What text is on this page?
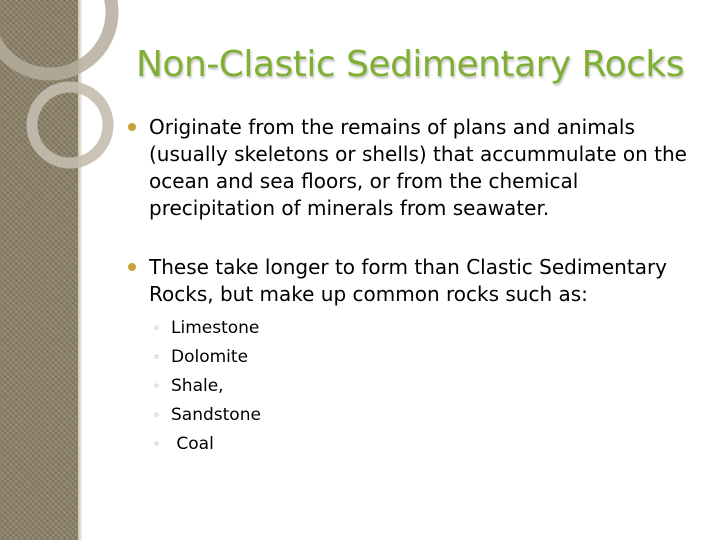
Non-Clastic Sedimentary Rocks

Originate from the remains of plans and animals (usually skeletons or shells) that accummulate on the ocean and sea floors, or from the chemical precipitation of minerals from seawater.

These take longer to form than Clastic Sedimentary Rocks, but make up common rocks such as:
◦ Limestone
◦ Dolomite
◦ Shale,
◦ Sandstone
◦ Coal
